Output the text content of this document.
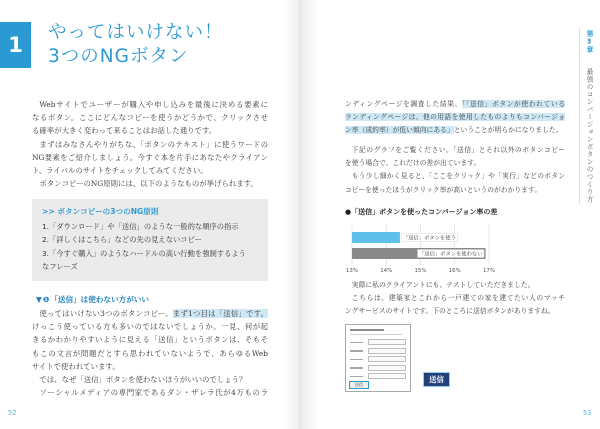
1
やってはいけない！
3つのNGボタン
Webサイトでユーザーが購入や申し込みを最後に決める要素に
なるボタン。ここにどんなコピーを使うかどうかで、クリックさせ
る確率が大きく変わって来ることはお話した通りです。
まずはみなさんやりがちな、「ボタンのテキスト」に使うワードの
NG要素をご紹介しましょう。今すぐ本を片手にあなたやクライアン
ト、ライバルのサイトをチェックしてみてください。
ボタンコピーのNG原則には、以下のようなものが挙げられます。
>> ボタンコピーの3つのNG原則
1.「ダウンロード」や「送信」のような一般的な順序の指示
2.「詳しくはこちら」などの先の見えないコピー
3.「今すぐ購入」のようなハードルの高い行動を強制するよう
なフレーズ
▼❶「送信」は使わない方がいい
使ってはいけない3つのボタンコピー、まず1つ目は「送信」です。
けっこう使っている方も多いのではないでしょうか。一見、何が起
きるかわかりやすいように見える「送信」というボタンは、そもそ
もこの文言が問題だとすら思われていないようで、あらゆるWeb
サイトで使われています。
では、なぜ「送信」ボタンを使わないほうがいいのでしょう？
ソーシャルメディアの専門家であるダン・ザレラ氏が4万ものラ
52
ンディングページを調査した結果、「「送信」ボタンが使われている
ランディングページは、他の用語を使用したものよりもコンバージョ
ン率（成約率）が低い傾向にある」ということが明らかになりました。
下記のグラフをご覧ください。「送信」とそれ以外のボタンコピー
を使う場合で、これだけの差が出ています。
もう少し細かく見ると、「ここをクリック」や「実行」などのボタン
コピーを使ったほうがクリック率が高いというのがわかります。
●「送信」ボタンを使ったコンバージョン率の差
13%	14%	15%	16%	17%
「送信」ボタンを使う
「送信」ボタンを使わない
実際に私のクライアントにも、テストしていただきました。
こちらは、建築家とこれから一戸建ての家を建てたい人のマッチ
ングサービスのサイトです。下のところに送信ボタンがありますね。
送信
送信
53
第3章
最強のコンバージョンボタンのつくり方
